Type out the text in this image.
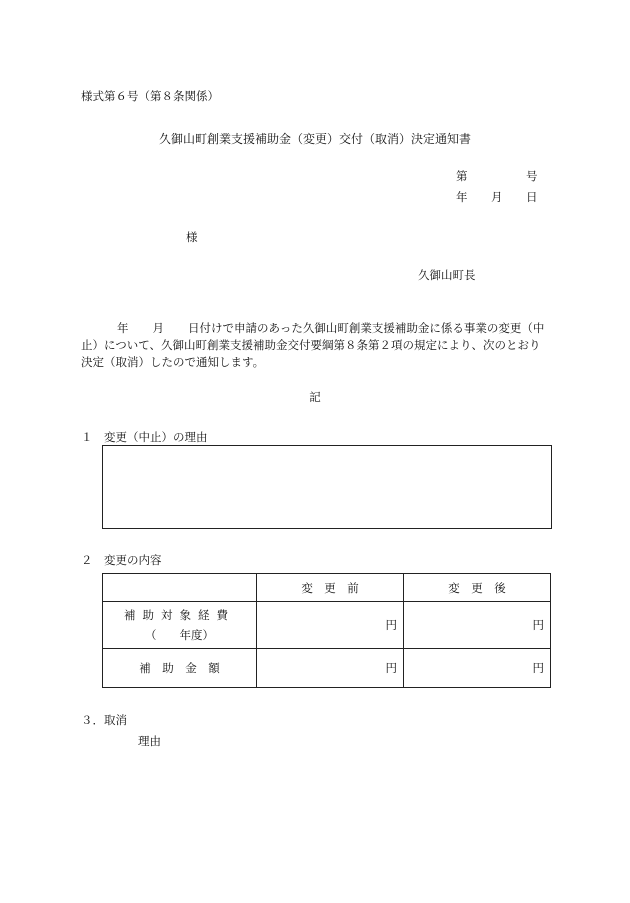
様式第６号（第８条関係）
久御山町創業支援補助金（変更）交付（取消）決定通知書
第	号
年 月 日
様
久御山町長
年 月 日付けで申請のあった久御山町創業支援補助金に係る事業の変更（中止）について、久御山町創業支援補助金交付要綱第８条第２項の規定により、次のとおり決定（取消）したので通知します。
記
１　変更（中止）の理由
２　変更の内容
	変　更　前	変　更　後

補助対象経費
（　　年度）	円	円
補　助　金　額	円	円
３．取消
理由
